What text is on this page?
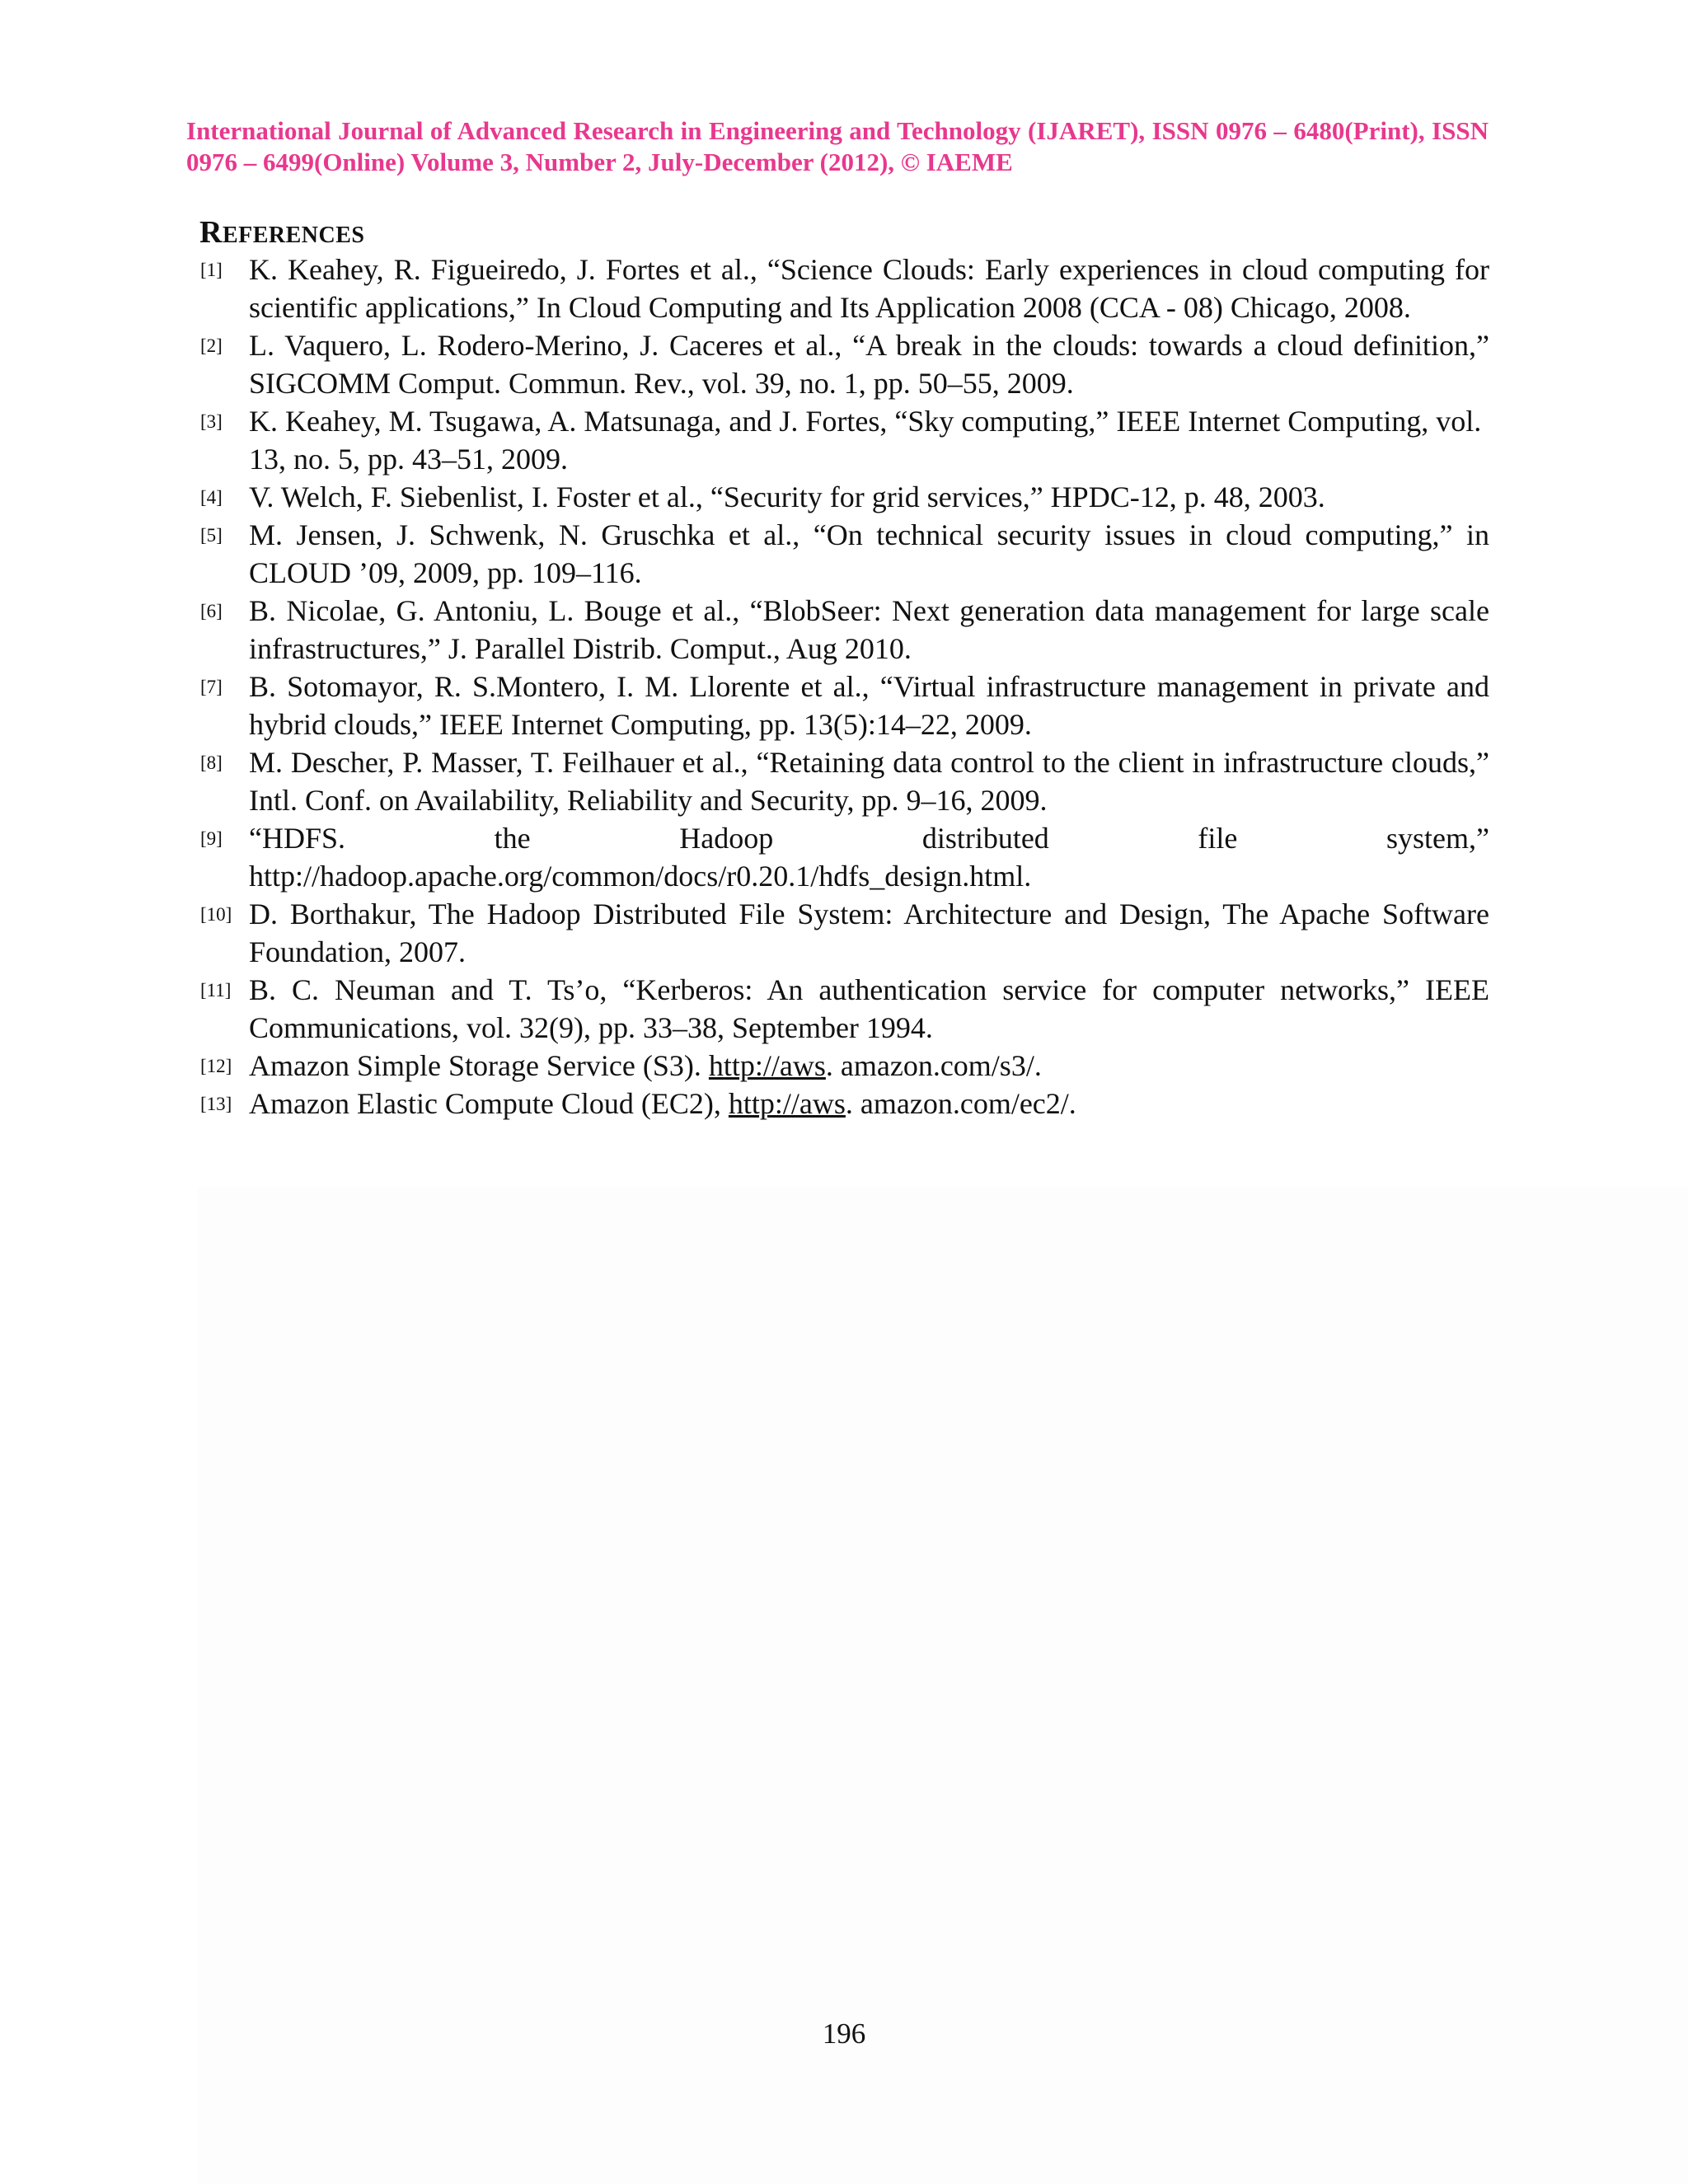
International Journal of Advanced Research in Engineering and Technology (IJARET), ISSN 0976 – 6480(Print), ISSN 0976 – 6499(Online) Volume 3, Number 2, July-December (2012), © IAEME
REFERENCES
[1] K. Keahey, R. Figueiredo, J. Fortes et al., “Science Clouds: Early experiences in cloud computing for scientific applications,” In Cloud Computing and Its Application 2008 (CCA - 08) Chicago, 2008.
[2] L. Vaquero, L. Rodero-Merino, J. Caceres et al., “A break in the clouds: towards a cloud definition,” SIGCOMM Comput. Commun. Rev., vol. 39, no. 1, pp. 50–55, 2009.
[3] K. Keahey, M. Tsugawa, A. Matsunaga, and J. Fortes, “Sky computing,” IEEE Internet Computing, vol. 13, no. 5, pp. 43–51, 2009.
[4] V. Welch, F. Siebenlist, I. Foster et al., “Security for grid services,” HPDC-12, p. 48, 2003.
[5] M. Jensen, J. Schwenk, N. Gruschka et al., “On technical security issues in cloud computing,” in CLOUD ’09, 2009, pp. 109–116.
[6] B. Nicolae, G. Antoniu, L. Bouge et al., “BlobSeer: Next generation data management for large scale infrastructures,” J. Parallel Distrib. Comput., Aug 2010.
[7] B. Sotomayor, R. S.Montero, I. M. Llorente et al., “Virtual infrastructure management in private and hybrid clouds,” IEEE Internet Computing, pp. 13(5):14–22, 2009.
[8] M. Descher, P. Masser, T. Feilhauer et al., “Retaining data control to the client in infrastructure clouds,” Intl. Conf. on Availability, Reliability and Security, pp. 9–16, 2009.
[9] “HDFS. the Hadoop distributed file system,”
http://hadoop.apache.org/common/docs/r0.20.1/hdfs_design.html.
[10] D. Borthakur, The Hadoop Distributed File System: Architecture and Design, The Apache Software Foundation, 2007.
[11] B. C. Neuman and T. Ts’o, “Kerberos: An authentication service for computer networks,” IEEE Communications, vol. 32(9), pp. 33–38, September 1994.
[12] Amazon Simple Storage Service (S3). http://aws. amazon.com/s3/.
[13] Amazon Elastic Compute Cloud (EC2), http://aws. amazon.com/ec2/.
196
